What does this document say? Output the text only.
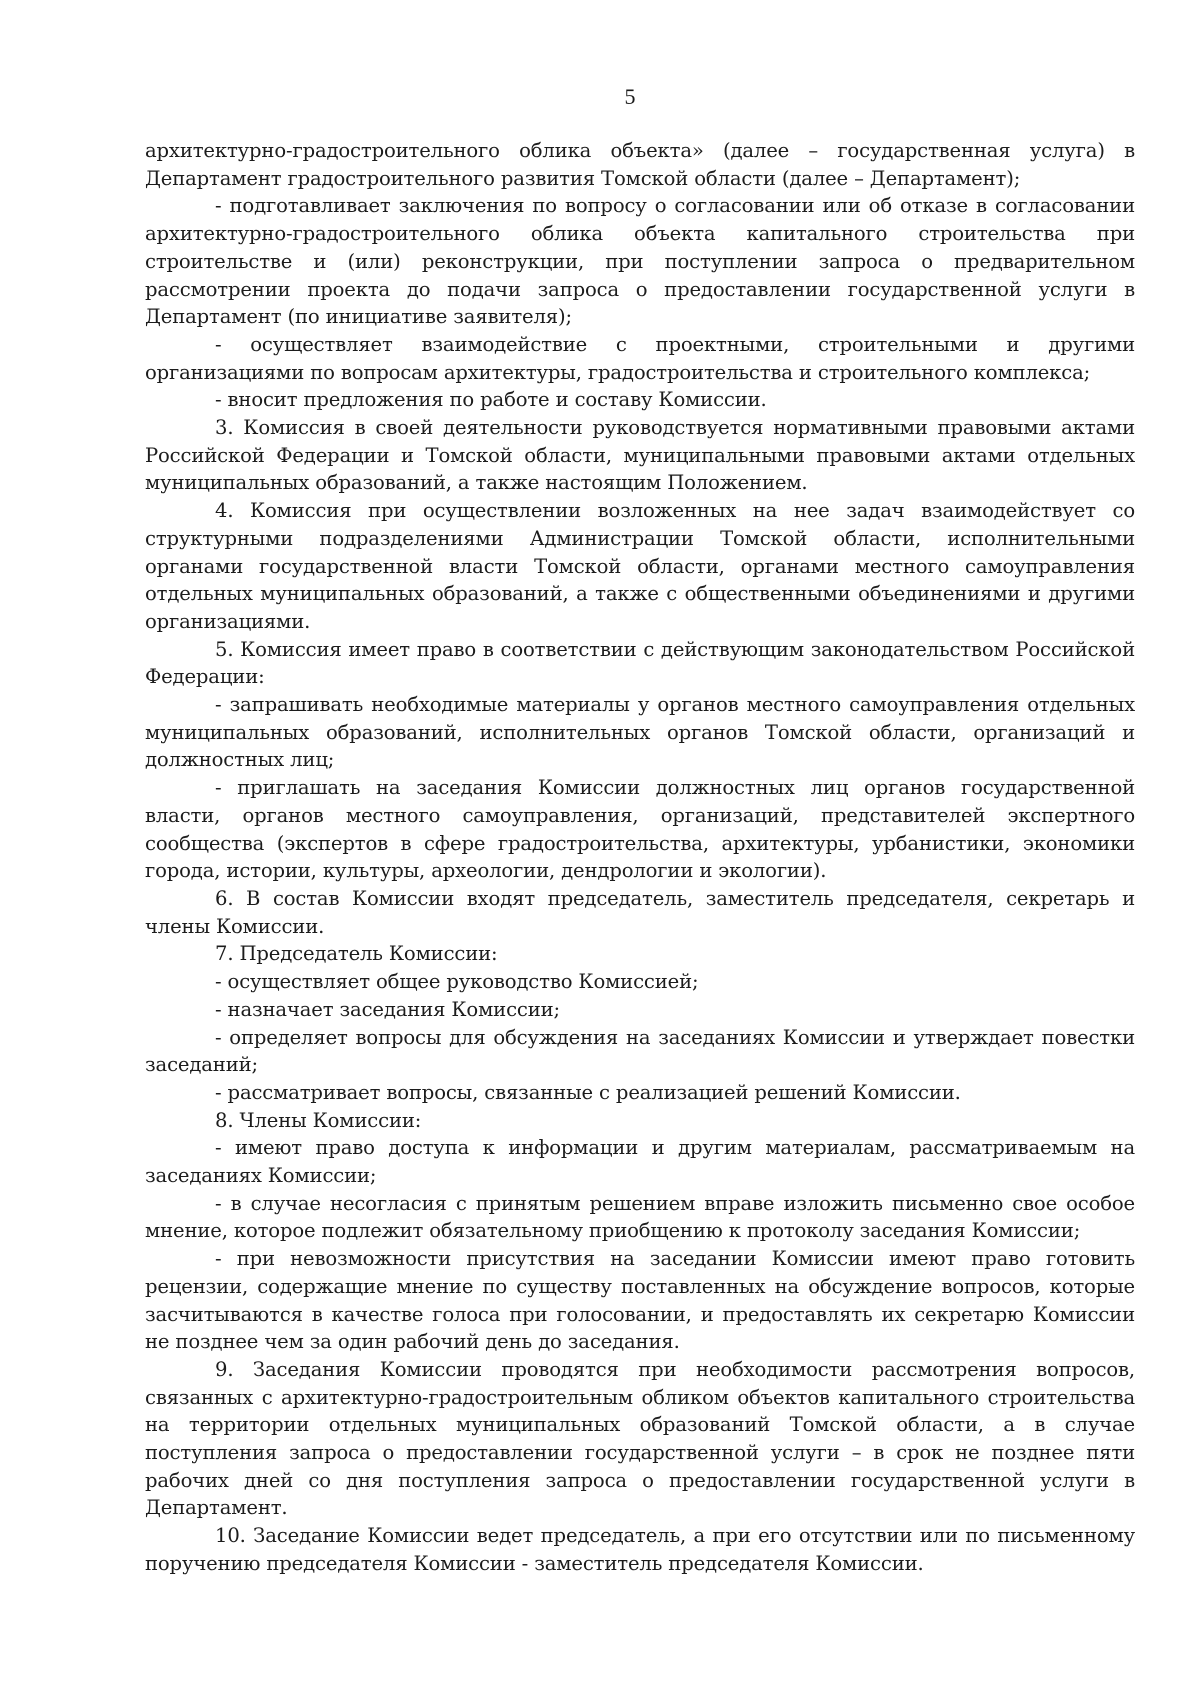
5

архитектурно-градостроительного облика объекта» (далее – государственная услуга) в Департамент градостроительного развития Томской области (далее – Департамент);

- подготавливает заключения по вопросу о согласовании или об отказе в согласовании архитектурно-градостроительного облика объекта капитального строительства при строительстве и (или) реконструкции, при поступлении запроса о предварительном рассмотрении проекта до подачи запроса о предоставлении государственной услуги в Департамент (по инициативе заявителя);

- осуществляет взаимодействие с проектными, строительными и другими организациями по вопросам архитектуры, градостроительства и строительного комплекса;

- вносит предложения по работе и составу Комиссии.

3. Комиссия в своей деятельности руководствуется нормативными правовыми актами Российской Федерации и Томской области, муниципальными правовыми актами отдельных муниципальных образований, а также настоящим Положением.

4. Комиссия при осуществлении возложенных на нее задач взаимодействует со структурными подразделениями Администрации Томской области, исполнительными органами государственной власти Томской области, органами местного самоуправления отдельных муниципальных образований, а также с общественными объединениями и другими организациями.

5. Комиссия имеет право в соответствии с действующим законодательством Российской Федерации:

- запрашивать необходимые материалы у органов местного самоуправления отдельных муниципальных образований, исполнительных органов Томской области, организаций и должностных лиц;

- приглашать на заседания Комиссии должностных лиц органов государственной власти, органов местного самоуправления, организаций, представителей экспертного сообщества (экспертов в сфере градостроительства, архитектуры, урбанистики, экономики города, истории, культуры, археологии, дендрологии и экологии).

6. В состав Комиссии входят председатель, заместитель председателя, секретарь и члены Комиссии.

7. Председатель Комиссии:

- осуществляет общее руководство Комиссией;

- назначает заседания Комиссии;

- определяет вопросы для обсуждения на заседаниях Комиссии и утверждает повестки заседаний;

- рассматривает вопросы, связанные с реализацией решений Комиссии.

8. Члены Комиссии:

- имеют право доступа к информации и другим материалам, рассматриваемым на заседаниях Комиссии;

- в случае несогласия с принятым решением вправе изложить письменно свое особое мнение, которое подлежит обязательному приобщению к протоколу заседания Комиссии;

- при невозможности присутствия на заседании Комиссии имеют право готовить рецензии, содержащие мнение по существу поставленных на обсуждение вопросов, которые засчитываются в качестве голоса при голосовании, и предоставлять их секретарю Комиссии не позднее чем за один рабочий день до заседания.

9. Заседания Комиссии проводятся при необходимости рассмотрения вопросов, связанных с архитектурно-градостроительным обликом объектов капитального строительства на территории отдельных муниципальных образований Томской области, а в случае поступления запроса о предоставлении государственной услуги – в срок не позднее пяти рабочих дней со дня поступления запроса о предоставлении государственной услуги в Департамент.

10. Заседание Комиссии ведет председатель, а при его отсутствии или по письменному поручению председателя Комиссии - заместитель председателя Комиссии.
